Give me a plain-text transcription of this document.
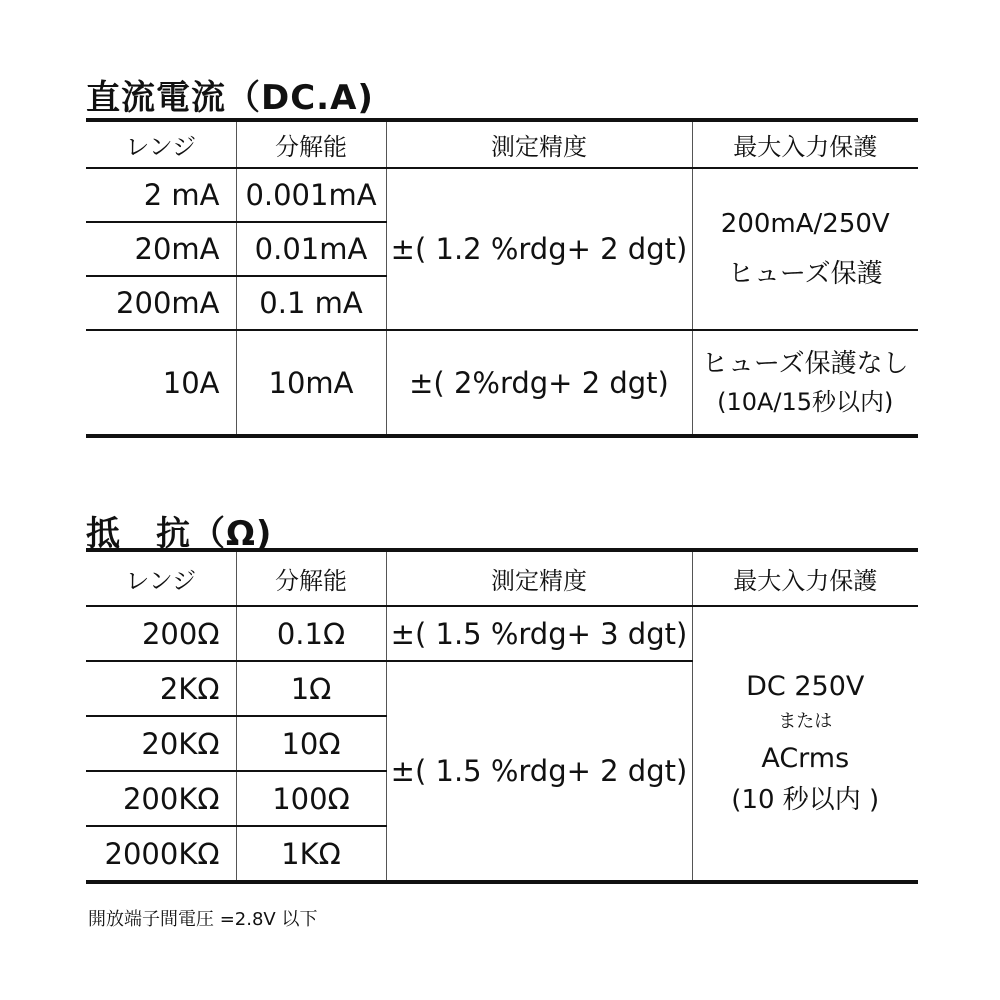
直流電流（DC.A)
レンジ	分解能	測定精度	最大入力保護
2 mA	0.001mA	±( 1.2 %rdg+ 2 dgt)	200mA/250V
ヒューズ保護

20mA	0.01mA		
200mA	0.1 mA		
10A	10mA	±( 2%rdg+ 2 dgt)	ヒューズ保護なし
(10A/15秒以内)
抵　抗（Ω)
レンジ	分解能	測定精度	最大入力保護
200Ω	0.1Ω	±( 1.5 %rdg+ 3 dgt)	DC 250V
または
ACrms
(10 秒以内 )

2KΩ	1Ω	±( 1.5 %rdg+ 2 dgt)	
20KΩ	10Ω		
200KΩ	100Ω		
2000KΩ	1KΩ		
開放端子間電圧 =2.8V 以下
